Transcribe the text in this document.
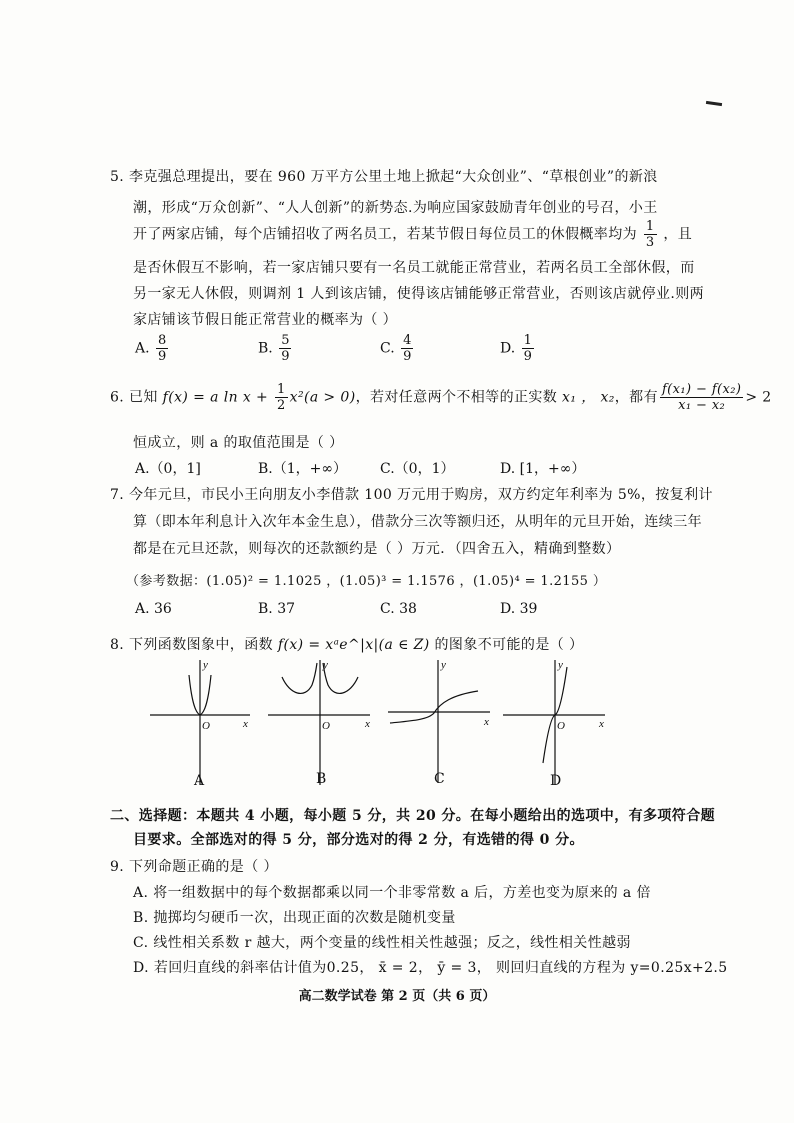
5. 李克强总理提出，要在 960 万平方公里土地上掀起“大众创业”、“草根创业”的新浪
潮，形成“万众创新”、“人人创新”的新势态.为响应国家鼓励青年创业的号召，小王
开了两家店铺，每个店铺招收了两名员工，若某节假日每位员工的休假概率均为 $\frac{1}{3}$ ，且
是否休假互不影响，若一家店铺只要有一名员工就能正常营业，若两名员工全部休假，而
另一家无人休假，则调剂 1 人到该店铺，使得该店铺能够正常营业，否则该店就停业.则两
家店铺该节假日能正常营业的概率为（ ）
A. $\frac{8}{9}$	B. $\frac{5}{9}$	C. $\frac{4}{9}$	D. $\frac{1}{9}$
6. 已知 f(x) = a $\ln x + \frac{1}{2} x^2(a > 0)$，若对任意两个不相等的正实数 x₁ ， x₂，都有 $\frac{\text{f(x₁) − f(x₂)}}{\text{x₁ − x₂}} > 2$
恒成立，则 a 的取值范围是（ ）
A.（0，1]	B.（1，+∞） C.（0，1）	D. [1，+∞）
7. 今年元旦，市民小王向朋友小李借款 100 万元用于购房，双方约定年利率为 5%，按复利计
算（即本年利息计入次年本金生息），借款分三次等额归还，从明年的元旦开始，连续三年
都是在元旦还款，则每次的还款额约是（ ）万元．（四舍五入，精确到整数）
（参考数据：(1.05)² = 1.1025 ，(1.05)³ = 1.1576 ，(1.05)⁴ = 1.2155 ）
A. 36	B. 37	C. 38	D. 39
8. 下列函数图象中，函数 f(x) = xᵃe^|x|(a ∈ Z) 的图象不可能的是（ ）
y
x
O
y
x
O
y
x
y
x
O
A	B	C	D
二、选择题：本题共 4 小题，每小题 5 分，共 20 分。在每小题给出的选项中，有多项符合题
目要求。全部选对的得 5 分，部分选对的得 2 分，有选错的得 0 分。
9. 下列命题正确的是（ ）
A. 将一组数据中的每个数据都乘以同一个非零常数 a 后，方差也变为原来的 a 倍
B. 抛掷均匀硬币一次，出现正面的次数是随机变量
C. 线性相关系数 r 越大，两个变量的线性相关性越强；反之，线性相关性越弱
D. 若回归直线的斜率估计值为0.25， x̄ = 2， ȳ = 3， 则回归直线的方程为 y=0.25x+2.5
高二数学试卷 第 2 页（共 6 页）
